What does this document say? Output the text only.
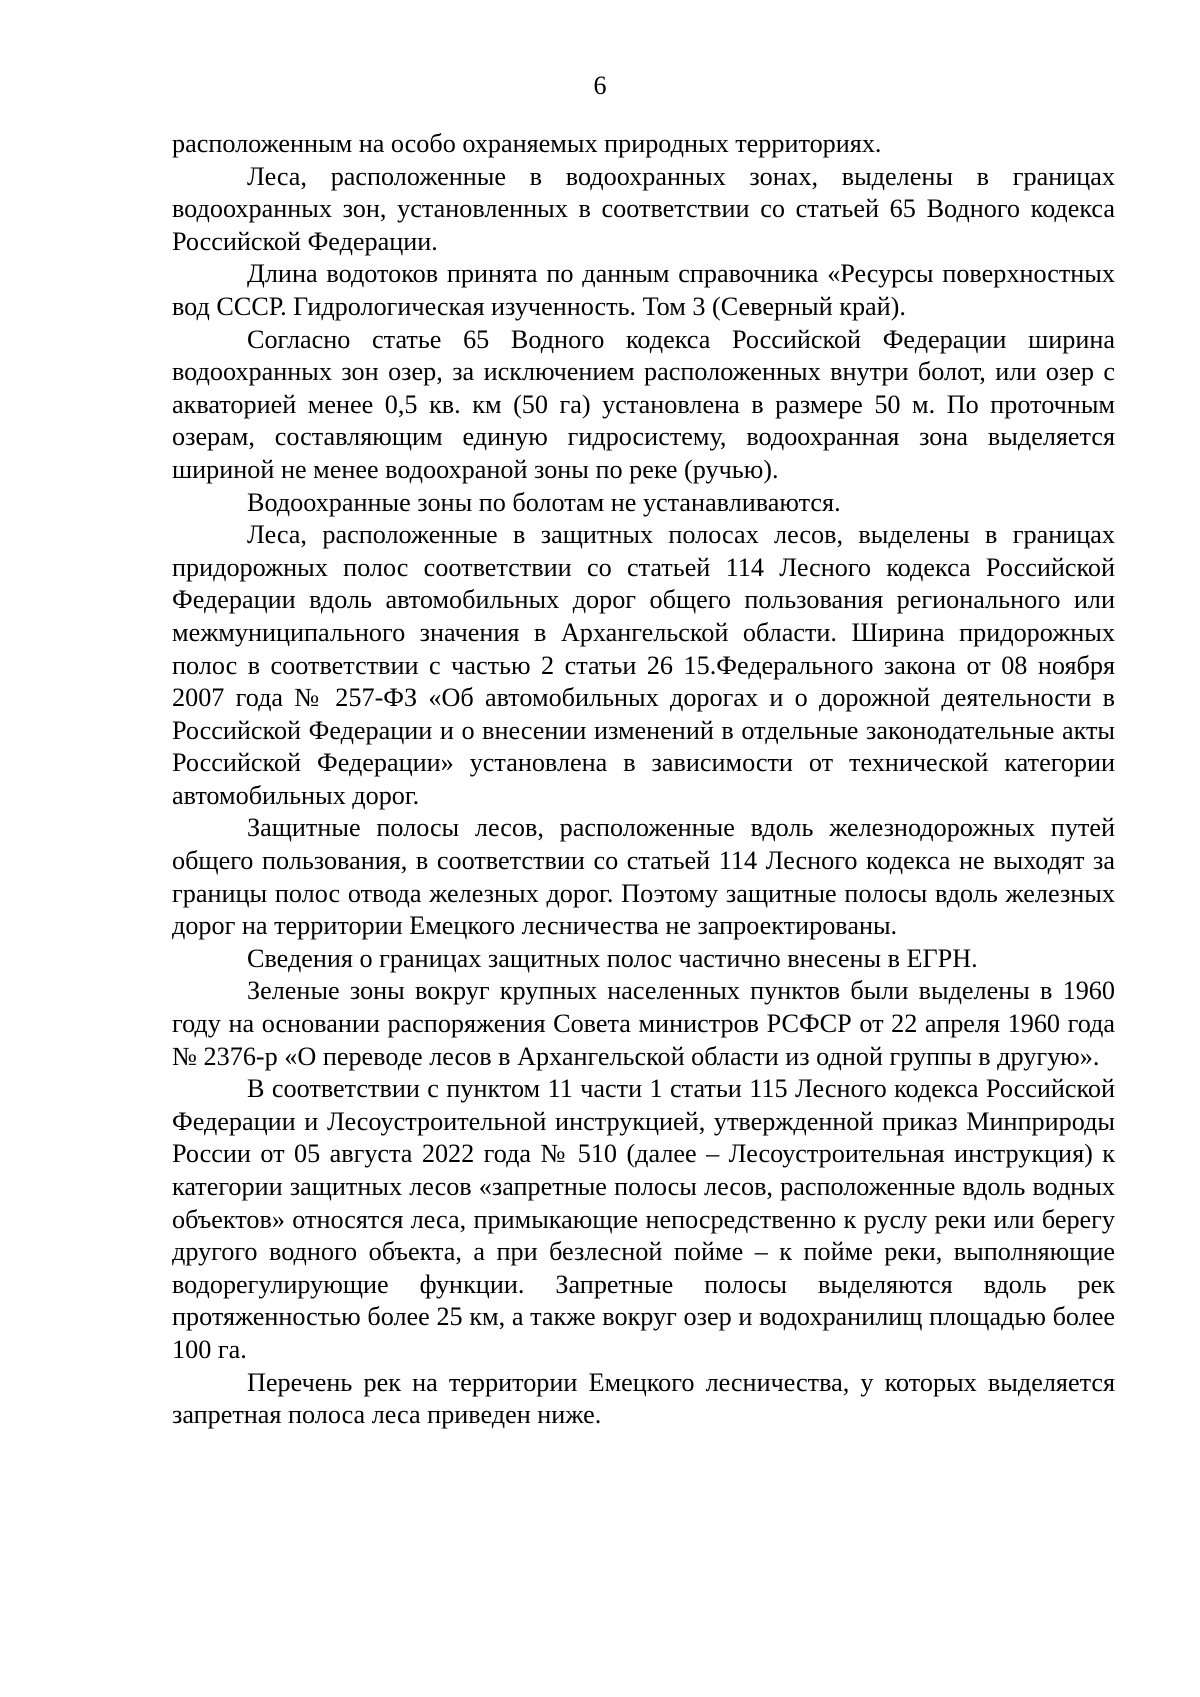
6

расположенным на особо охраняемых природных территориях.

Леса, расположенные в водоохранных зонах, выделены в границах водоохранных зон, установленных в соответствии со статьей 65 Водного кодекса Российской Федерации.

Длина водотоков принята по данным справочника «Ресурсы поверхностных вод СССР. Гидрологическая изученность. Том 3 (Северный край).

Согласно статье 65 Водного кодекса Российской Федерации ширина водоохранных зон озер, за исключением расположенных внутри болот, или озер с акваторией менее 0,5 кв. км (50 га) установлена в размере 50 м. По проточным озерам, составляющим единую гидросистему, водоохранная зона выделяется шириной не менее водоохраной зоны по реке (ручью).

Водоохранные зоны по болотам не устанавливаются.

Леса, расположенные в защитных полосах лесов, выделены в границах придорожных полос соответствии со статьей 114 Лесного кодекса Российской Федерации вдоль автомобильных дорог общего пользования регионального или межмуниципального значения в Архангельской области. Ширина придорожных полос в соответствии с частью 2 статьи 26 15.Федерального закона от 08 ноября 2007 года № 257-ФЗ «Об автомобильных дорогах и о дорожной деятельности в Российской Федерации и о внесении изменений в отдельные законодательные акты Российской Федерации» установлена в зависимости от технической категории автомобильных дорог.

Защитные полосы лесов, расположенные вдоль железнодорожных путей общего пользования, в соответствии со статьей 114 Лесного кодекса не выходят за границы полос отвода железных дорог. Поэтому защитные полосы вдоль железных дорог на территории Емецкого лесничества не запроектированы.

Сведения о границах защитных полос частично внесены в ЕГРН.

Зеленые зоны вокруг крупных населенных пунктов были выделены в 1960 году на основании распоряжения Совета министров РСФСР от 22 апреля 1960 года № 2376-р «О переводе лесов в Архангельской области из одной группы в другую».

В соответствии с пунктом 11 части 1 статьи 115 Лесного кодекса Российской Федерации и Лесоустроительной инструкцией, утвержденной приказ Минприроды России от 05 августа 2022 года № 510 (далее – Лесоустроительная инструкция) к категории защитных лесов «запретные полосы лесов, расположенные вдоль водных объектов» относятся леса, примыкающие непосредственно к руслу реки или берегу другого водного объекта, а при безлесной пойме – к пойме реки, выполняющие водорегулирующие функции. Запретные полосы выделяются вдоль рек протяженностью более 25 км, а также вокруг озер и водохранилищ площадью более 100 га.

Перечень рек на территории Емецкого лесничества, у которых выделяется запретная полоса леса приведен ниже.
